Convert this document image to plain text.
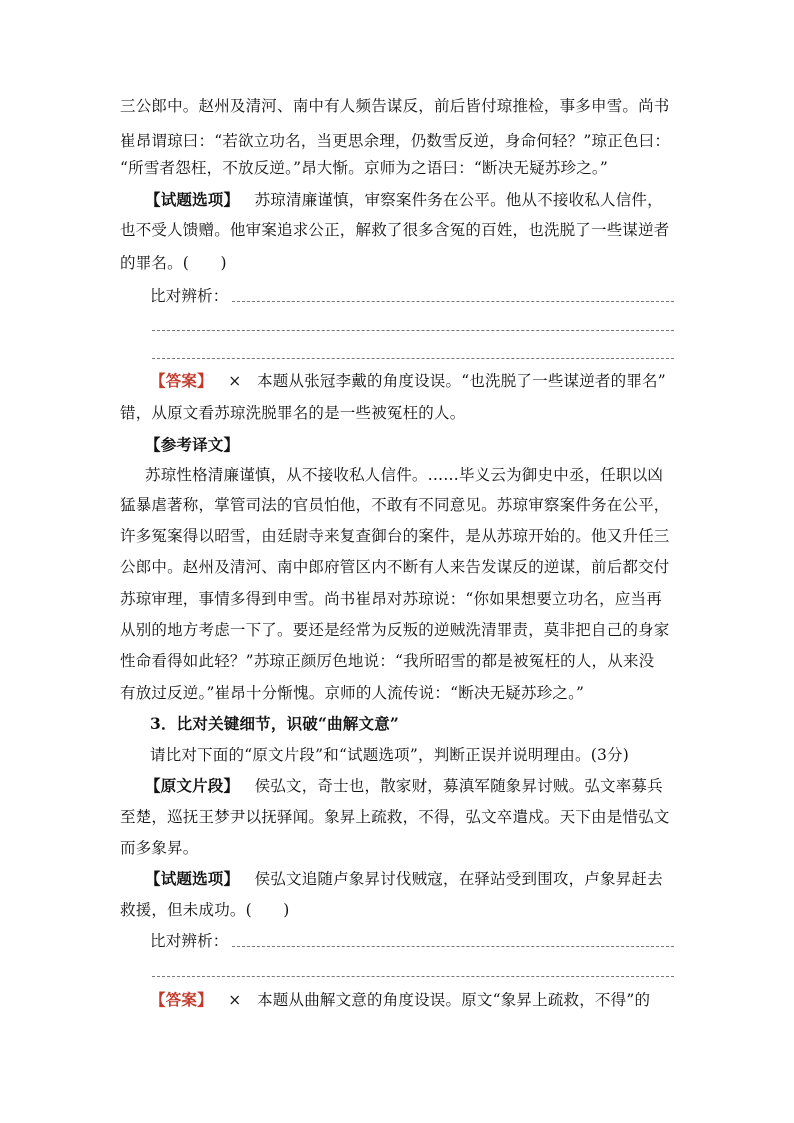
三公郎中。赵州及清河、南中有人频告谋反，前后皆付琼推检，事多申雪。尚书
崔昂谓琼曰：“若欲立功名，当更思余理，仍数雪反逆，身命何轻？”琼正色曰：
“所雪者怨枉，不放反逆。”昂大惭。京师为之语曰：“断决无疑苏珍之。”
【试题选项】 苏琼清廉谨慎，审察案件务在公平。他从不接收私人信件，
也不受人馈赠。他审案追求公正，解救了很多含冤的百姓，也洗脱了一些谋逆者
的罪名。(　　)
比对辨析：
【答案】 ×　本题从张冠李戴的角度设误。“也洗脱了一些谋逆者的罪名”
错，从原文看苏琼洗脱罪名的是一些被冤枉的人。
【参考译文】
苏琼性格清廉谨慎，从不接收私人信件。……毕义云为御史中丞，任职以凶
猛暴虐著称，掌管司法的官员怕他，不敢有不同意见。苏琼审察案件务在公平，
许多冤案得以昭雪，由廷尉寺来复查御台的案件，是从苏琼开始的。他又升任三
公郎中。赵州及清河、南中郎府管区内不断有人来告发谋反的逆谋，前后都交付
苏琼审理，事情多得到申雪。尚书崔昂对苏琼说：“你如果想要立功名，应当再
从别的地方考虑一下了。要还是经常为反叛的逆贼洗清罪责，莫非把自己的身家
性命看得如此轻？”苏琼正颜厉色地说：“我所昭雪的都是被冤枉的人，从来没
有放过反逆。”崔昂十分惭愧。京师的人流传说：“断决无疑苏珍之。”
3．比对关键细节，识破“曲解文意”
请比对下面的“原文片段”和“试题选项”，判断正误并说明理由。(3分)
【原文片段】 侯弘文，奇士也，散家财，募滇军随象昇讨贼。弘文率募兵
至楚，巡抚王梦尹以抚驿闻。象昇上疏救，不得，弘文卒遣戍。天下由是惜弘文
而多象昇。
【试题选项】 侯弘文追随卢象昇讨伐贼寇，在驿站受到围攻，卢象昇赶去
救援，但未成功。(　　)
比对辨析：
【答案】 ×　本题从曲解文意的角度设误。原文“象昇上疏救，不得”的
